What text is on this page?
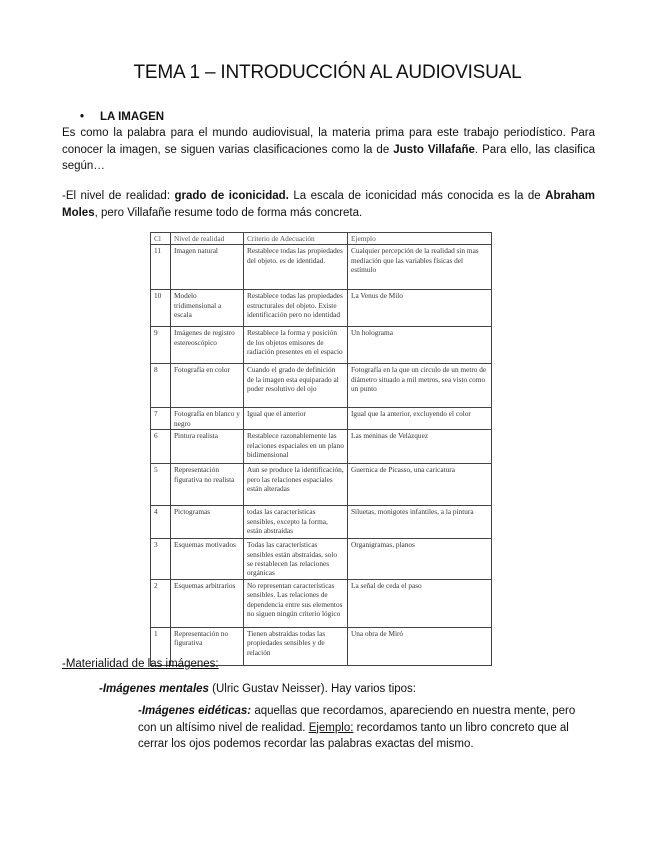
TEMA 1 – INTRODUCCIÓN AL AUDIOVISUAL
• LA IMAGEN
Es como la palabra para el mundo audiovisual, la materia prima para este trabajo periodístico. Para conocer la imagen, se siguen varias clasificaciones como la de Justo Villafañe. Para ello, las clasifica según…
-El nivel de realidad: grado de iconicidad. La escala de iconicidad más conocida es la de Abraham Moles, pero Villafañe resume todo de forma más concreta.
Cl	Nivel de realidad	Criterio de Adecuación	Ejemplo
11	Imagen natural	Restablece todas las propiedades del objeto. es de identidad.	Cualquier percepción de la realidad sin mas mediación que las variables físicas del estímulo
10	Modelo tridimensional a escala	Restablece todas las propiedades estructurales del objeto. Existe identificación pero no identidad	La Venus de Milo
9	Imágenes de registro estereoscópico	Restablece la forma y posición de los objetos emisores de radiación presentes en el espacio	Un holograma
8	Fotografía en color	Cuando el grado de definición de la imagen esta equiparado al poder resolutivo del ojo	Fotografía en la que un circulo de un metro de diámetro situado a mil metros, sea visto como un punto
7	Fotografía en blanco y negro	Igual que el anterior	Igual que la anterior, excluyendo el color
6	Pintura realista	Restablece razonablemente las relaciones espaciales en un plano bidimensional	Las meninas de Velázquez
5	Representación figurativa no realista	Aun se produce la identificación, pero las relaciones espaciales están alteradas	Guernica de Picasso, una caricatura
4	Pictogramas	todas las características sensibles, excepto la forma, están abstraídas	Siluetas, monigotes infantiles, a la pintura
3	Esquemas motivados	Todas las características sensibles están abstraídas, solo se restablecen las relaciones orgánicas	Organigramas, planos
2	Esquemas arbitrarios	No representan características sensibles. Las relaciones de dependencia entre sus elementos no siguen ningún criterio lógico	La señal de ceda el paso
1	Representación no figurativa	Tienen abstraídas todas las propiedades sensibles y de relación	Una obra de Miró
-Materialidad de las imágenes:
-Imágenes mentales (Ulric Gustav Neisser). Hay varios tipos:
-Imágenes eidéticas: aquellas que recordamos, apareciendo en nuestra mente, pero con un altísimo nivel de realidad. Ejemplo: recordamos tanto un libro concreto que al cerrar los ojos podemos recordar las palabras exactas del mismo.
